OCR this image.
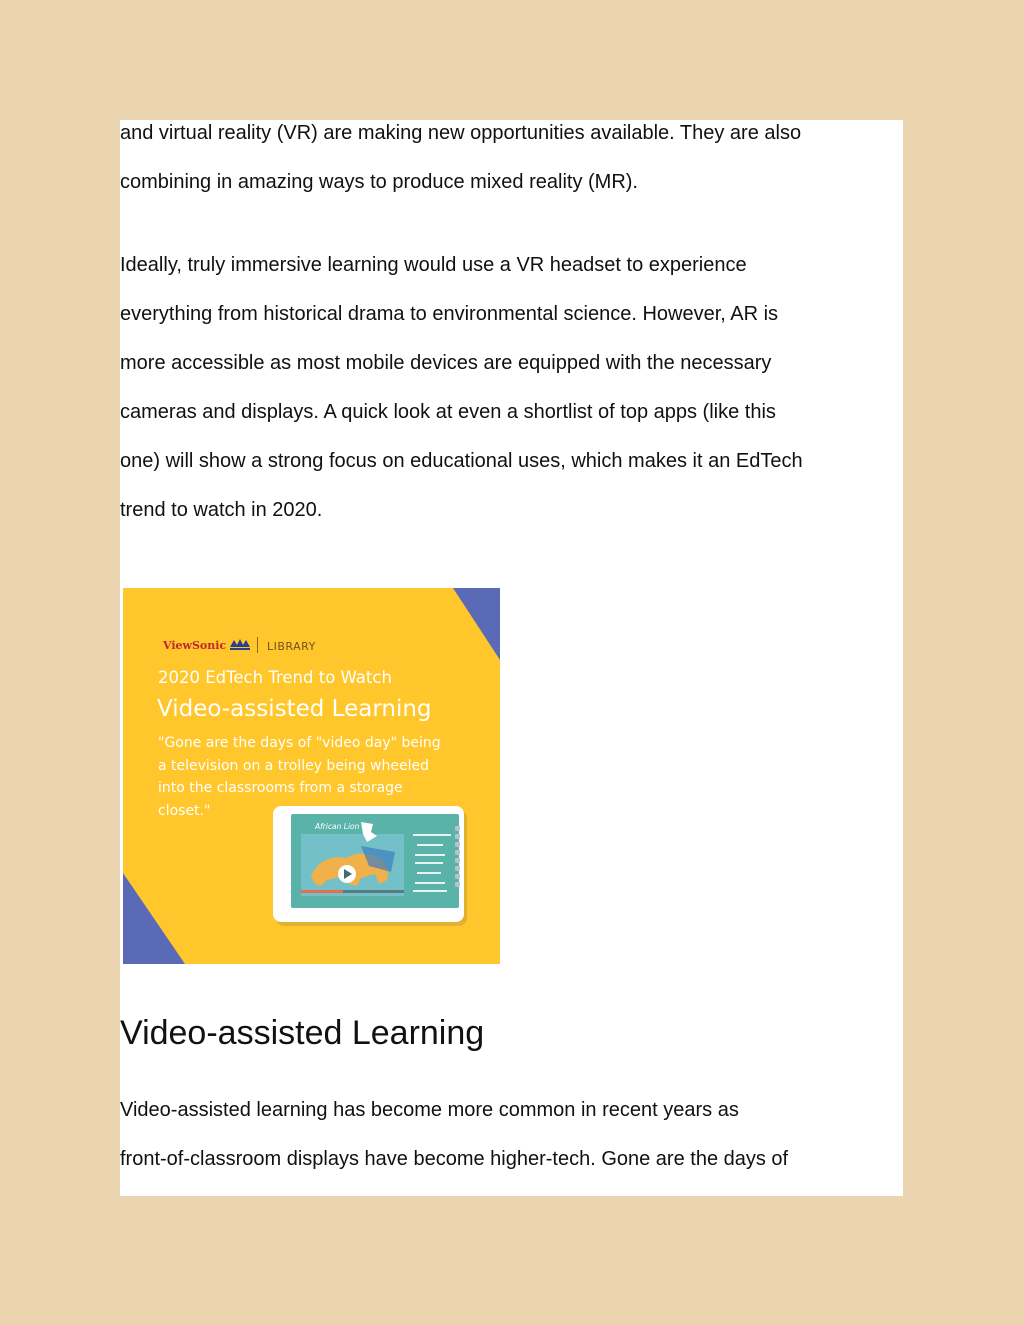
and virtual reality (VR) are making new opportunities available. They are also
combining in amazing ways to produce mixed reality (MR).

Ideally, truly immersive learning would use a VR headset to experience
everything from historical drama to environmental science. However, AR is
more accessible as most mobile devices are equipped with the necessary
cameras and displays. A quick look at even a shortlist of top apps (like this
one) will show a strong focus on educational uses, which makes it an EdTech
trend to watch in 2020.

ViewSonic	LIBRARY
2020 EdTech Trend to Watch
Video-assisted Learning
"Gone are the days of "video day" being
a television on a trolley being wheeled
into the classrooms from a storage
closet."
African Lion
Video-assisted Learning

Video-assisted learning has become more common in recent years as
front-of-classroom displays have become higher-tech. Gone are the days of
